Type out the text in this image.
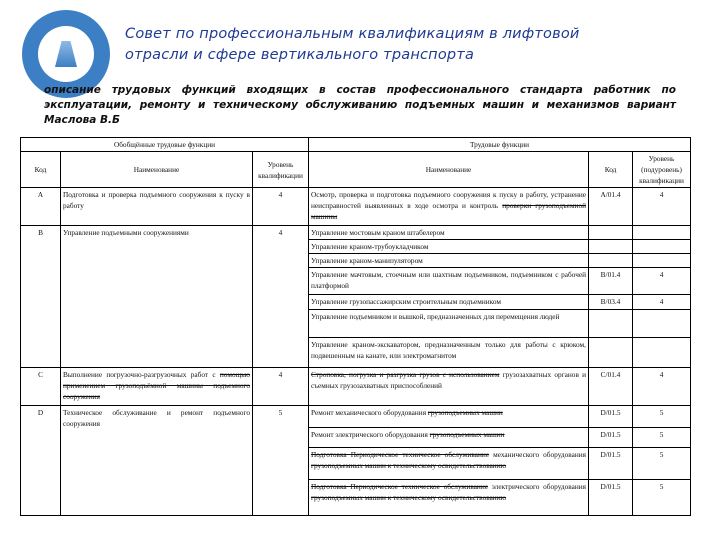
Совет по профессиональным квалификациям в лифтовой отрасли и сфере вертикального транспорта
описание трудовых функций входящих в состав профессионального стандарта работник по эксплуатации, ремонту и техническому обслуживанию подъемных машин и механизмов вариант Маслова В.Б
Обобщённые трудовые функции			Трудовые функции		
Код	Наименование	Уровень квалификации	Наименование	Код	Уровень (подуровень) квалификации
A	Подготовка и проверка подъемного сооружения к пуску в работу	4	Осмотр, проверка и подготовка подъемного сооружения к пуску в работу, устранение неисправностей выявленных в ходе осмотра и контроль проверки грузоподъемной машины	A/01.4	4
B	Управление подъемными сооружениями	4	Управление мостовым краном штабелером		
			Управление краном-трубоукладчиком		
			Управление краном-манипулятором		
			Управление мачтовым, стоечным или шахтным подъемником, подъемником с рабочей платформой	B/01.4	4
			Управление грузопассажирским строительным подъемником	B/03.4	4
			Управление подъемником и вышкой, предназначенных для перемещения людей		
			Управление краном-экскаватором, предназначенным только для работы с крюком, подвешенным на канате, или электромагнитом		
C	Выполнение погрузочно-разгрузочных работ с помощью применением грузоподъёмной машины подъемного сооружения	4	Строповка, погрузка и разгрузка грузов с использованием грузозахватных органов и съемных грузозахватных приспособлений	C/01.4	4
D	Техническое обслуживание и ремонт подъемного сооружения	5	Ремонт механического оборудования грузоподъемных машин	D/01.5	5
			Ремонт электрического оборудования грузоподъемных машин	D/01.5	5
			Подготовка Периодическое техническое обслуживание механического оборудования грузоподъемных машин к техническому освидетельствованию	D/01.5	5
			Подготовка Периодическое техническое обслуживание электрического оборудования грузоподъемных машин к техническому освидетельствованию	D/01.5	5
